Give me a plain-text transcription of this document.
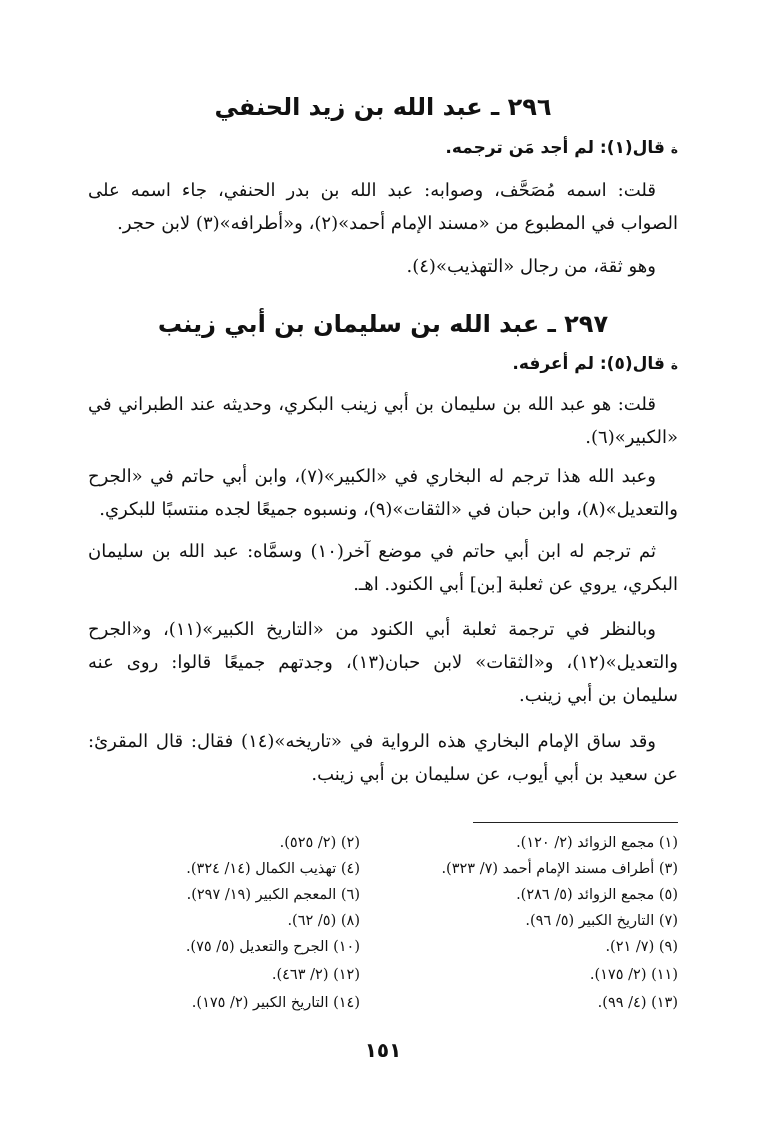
٢٩٦ ـ عبد الله بن زيد الحنفي
ةقال(١): لم أجد مَن ترجمه.
قلت: اسمه مُصَحَّف، وصوابه: عبد الله بن بدر الحنفي، جاء اسمه على الصواب في المطبوع من «مسند الإمام أحمد»(٢)، و«أطرافه»(٣) لابن حجر.
وهو ثقة، من رجال «التهذيب»(٤).
٢٩٧ ـ عبد الله بن سليمان بن أبي زينب
ةقال(٥): لم أعرفه.
قلت: هو عبد الله بن سليمان بن أبي زينب البكري، وحديثه عند الطبراني في «الكبير»(٦).
وعبد الله هذا ترجم له البخاري في «الكبير»(٧)، وابن أبي حاتم في «الجرح والتعديل»(٨)، وابن حبان في «الثقات»(٩)، ونسبوه جميعًا لجده منتسبًا للبكري.
ثم ترجم له ابن أبي حاتم في موضع آخر(١٠) وسمَّاه: عبد الله بن سليمان البكري، يروي عن ثعلبة [بن] أبي الكنود. اهـ.
وبالنظر في ترجمة ثعلبة أبي الكنود من «التاريخ الكبير»(١١)، و«الجرح والتعديل»(١٢)، و«الثقات» لابن حبان(١٣)، وجدتهم جميعًا قالوا: روى عنه سليمان بن أبي زينب.
وقد ساق الإمام البخاري هذه الرواية في «تاريخه»(١٤) فقال: قال المقرئ: عن سعيد بن أبي أيوب، عن سليمان بن أبي زينب.
(١) مجمع الزوائد (٢/ ١٢٠).
(٣) أطراف مسند الإمام أحمد (٧/ ٣٢٣).
(٥) مجمع الزوائد (٥/ ٢٨٦).
(٧) التاريخ الكبير (٥/ ٩٦).
(٩) (٧/ ٢١).
(١١) (٢/ ١٧٥).
(١٣) (٤/ ٩٩).
(٢) (٢/ ٥٢٥).
(٤) تهذيب الكمال (١٤/ ٣٢٤).
(٦) المعجم الكبير (١٩/ ٢٩٧).
(٨) (٥/ ٦٢).
(١٠) الجرح والتعديل (٥/ ٧٥).
(١٢) (٢/ ٤٦٣).
(١٤) التاريخ الكبير (٢/ ١٧٥).
١٥١
